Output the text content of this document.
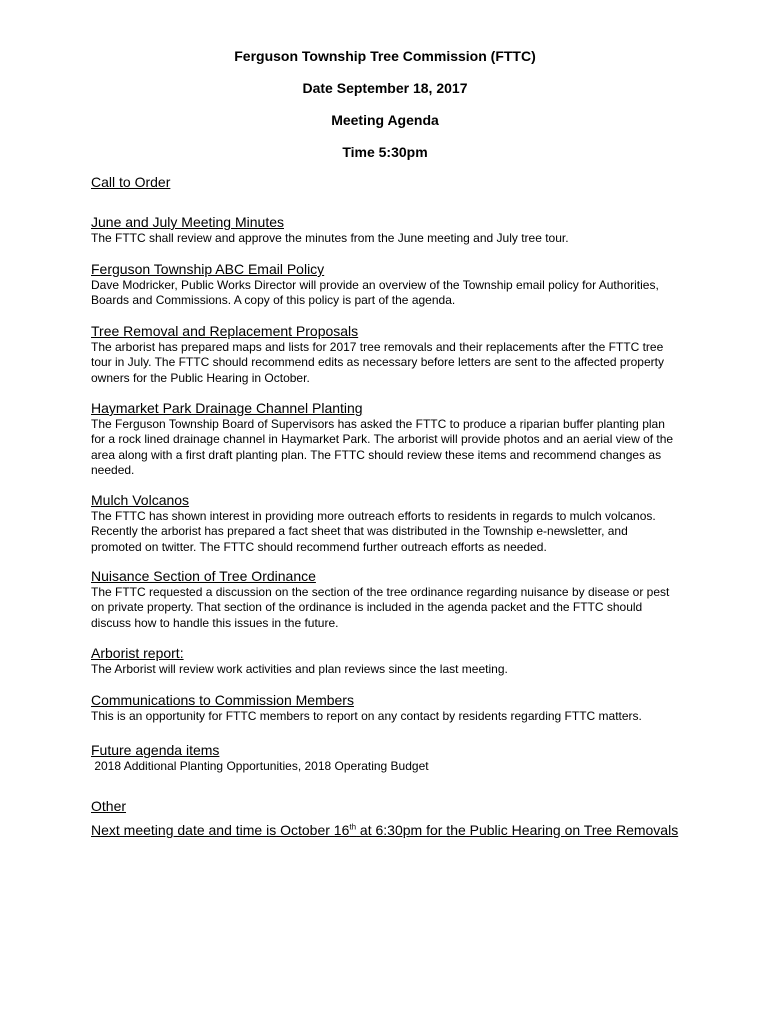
Ferguson Township Tree Commission (FTTC)
Date September 18, 2017
Meeting Agenda
Time 5:30pm
Call to Order
June and July Meeting Minutes
The FTTC shall review and approve the minutes from the June meeting and July tree tour.
Ferguson Township ABC Email Policy
Dave Modricker, Public Works Director will provide an overview of the Township email policy for Authorities, Boards and Commissions. A copy of this policy is part of the agenda.
Tree Removal and Replacement Proposals
The arborist has prepared maps and lists for 2017 tree removals and their replacements after the FTTC tree tour in July. The FTTC should recommend edits as necessary before letters are sent to the affected property owners for the Public Hearing in October.
Haymarket Park Drainage Channel Planting
The Ferguson Township Board of Supervisors has asked the FTTC to produce a riparian buffer planting plan for a rock lined drainage channel in Haymarket Park. The arborist will provide photos and an aerial view of the area along with a first draft planting plan. The FTTC should review these items and recommend changes as needed.
Mulch Volcanos
The FTTC has shown interest in providing more outreach efforts to residents in regards to mulch volcanos. Recently the arborist has prepared a fact sheet that was distributed in the Township e-newsletter, and promoted on twitter. The FTTC should recommend further outreach efforts as needed.
Nuisance Section of Tree Ordinance
The FTTC requested a discussion on the section of the tree ordinance regarding nuisance by disease or pest on private property. That section of the ordinance is included in the agenda packet and the FTTC should discuss how to handle this issues in the future.
Arborist report:
The Arborist will review work activities and plan reviews since the last meeting.
Communications to Commission Members
This is an opportunity for FTTC members to report on any contact by residents regarding FTTC matters.
Future agenda items
2018 Additional Planting Opportunities, 2018 Operating Budget
Other
Next meeting date and time is October 16th at 6:30pm for the Public Hearing on Tree Removals
